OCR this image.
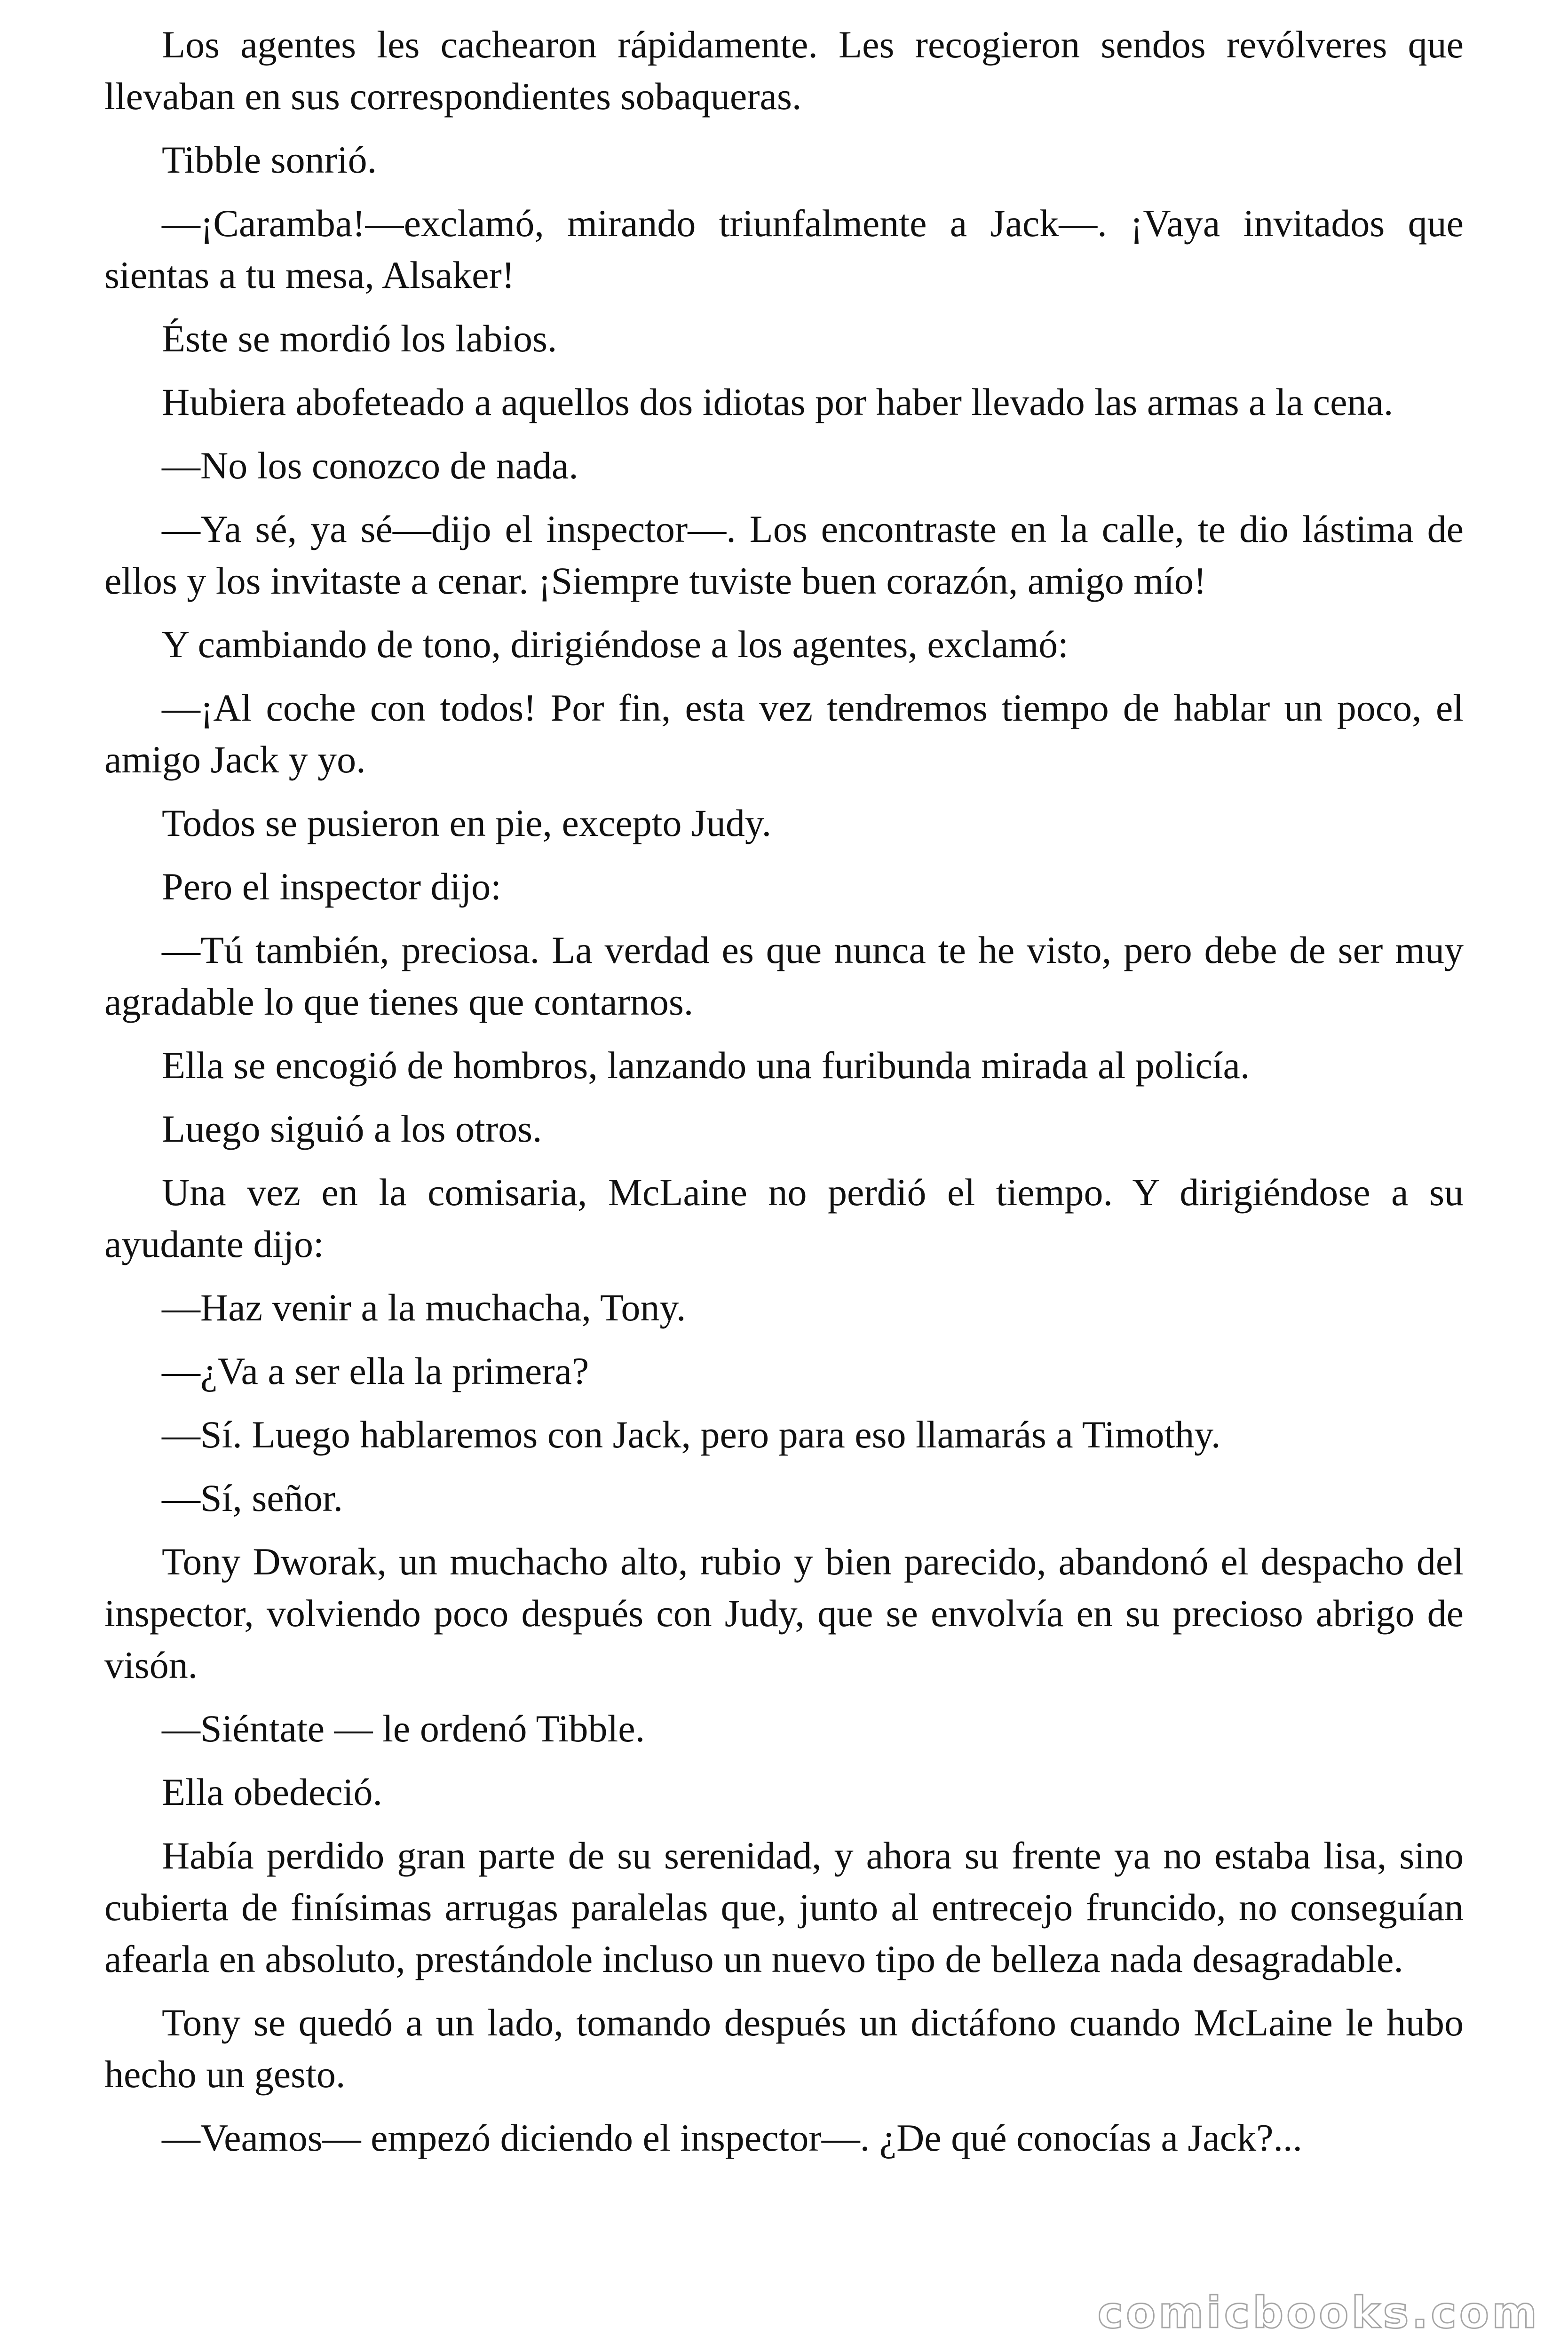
Los agentes les cachearon rápidamente. Les recogieron sendos revólveres que llevaban en sus correspondientes sobaqueras.

Tibble sonrió.

—¡Caramba!—exclamó, mirando triunfalmente a Jack—. ¡Vaya invitados que sientas a tu mesa, Alsaker!

Éste se mordió los labios.

Hubiera abofeteado a aquellos dos idiotas por haber llevado las armas a la cena.

—No los conozco de nada.

—Ya sé, ya sé—dijo el inspector—. Los encontraste en la calle, te dio lástima de ellos y los invitaste a cenar. ¡Siempre tuviste buen corazón, amigo mío!

Y cambiando de tono, dirigiéndose a los agentes, exclamó:

—¡Al coche con todos! Por fin, esta vez tendremos tiempo de hablar un poco, el amigo Jack y yo.

Todos se pusieron en pie, excepto Judy.

Pero el inspector dijo:

—Tú también, preciosa. La verdad es que nunca te he visto, pero debe de ser muy agradable lo que tienes que contarnos.

Ella se encogió de hombros, lanzando una furibunda mirada al policía.

Luego siguió a los otros.

Una vez en la comisaria, McLaine no perdió el tiempo. Y dirigiéndose a su ayudante dijo:

—Haz venir a la muchacha, Tony.

—¿Va a ser ella la primera?

—Sí. Luego hablaremos con Jack, pero para eso llamarás a Timothy.

—Sí, señor.

Tony Dworak, un muchacho alto, rubio y bien parecido, abandonó el despacho del inspector, volviendo poco después con Judy, que se envolvía en su precioso abrigo de visón.

—Siéntate — le ordenó Tibble.

Ella obedeció.

Había perdido gran parte de su serenidad, y ahora su frente ya no estaba lisa, sino cubierta de finísimas arrugas paralelas que, junto al entrecejo fruncido, no conseguían afearla en absoluto, prestándole incluso un nuevo tipo de belleza nada desagradable.

Tony se quedó a un lado, tomando después un dictáfono cuando McLaine le hubo hecho un gesto.

—Veamos— empezó diciendo el inspector—. ¿De qué conocías a Jack?...

comicbooks.com
